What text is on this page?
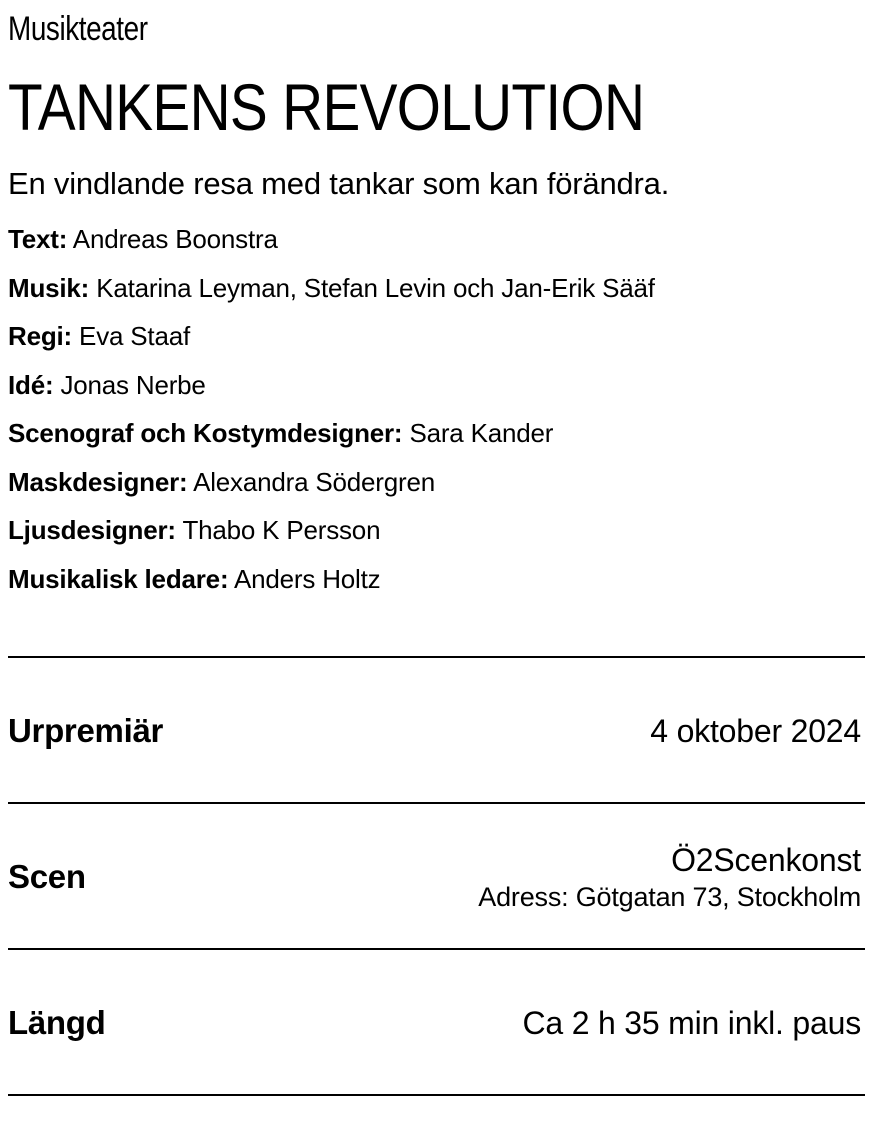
Musikteater
TANKENS REVOLUTION

En vindlande resa med tankar som kan förändra.

Text: Andreas Boonstra
Musik: Katarina Leyman, Stefan Levin och Jan-Erik Sääf
Regi: Eva Staaf
Idé: Jonas Nerbe
Scenograf och Kostymdesigner: Sara Kander
Maskdesigner: Alexandra Södergren
Ljusdesigner: Thabo K Persson
Musikalisk ledare: Anders Holtz
Urpremiär	4 oktober 2024
Scen	Ö2Scenkonst
Adress: Götgatan 73, Stockholm
Längd	Ca 2 h 35 min inkl. paus
